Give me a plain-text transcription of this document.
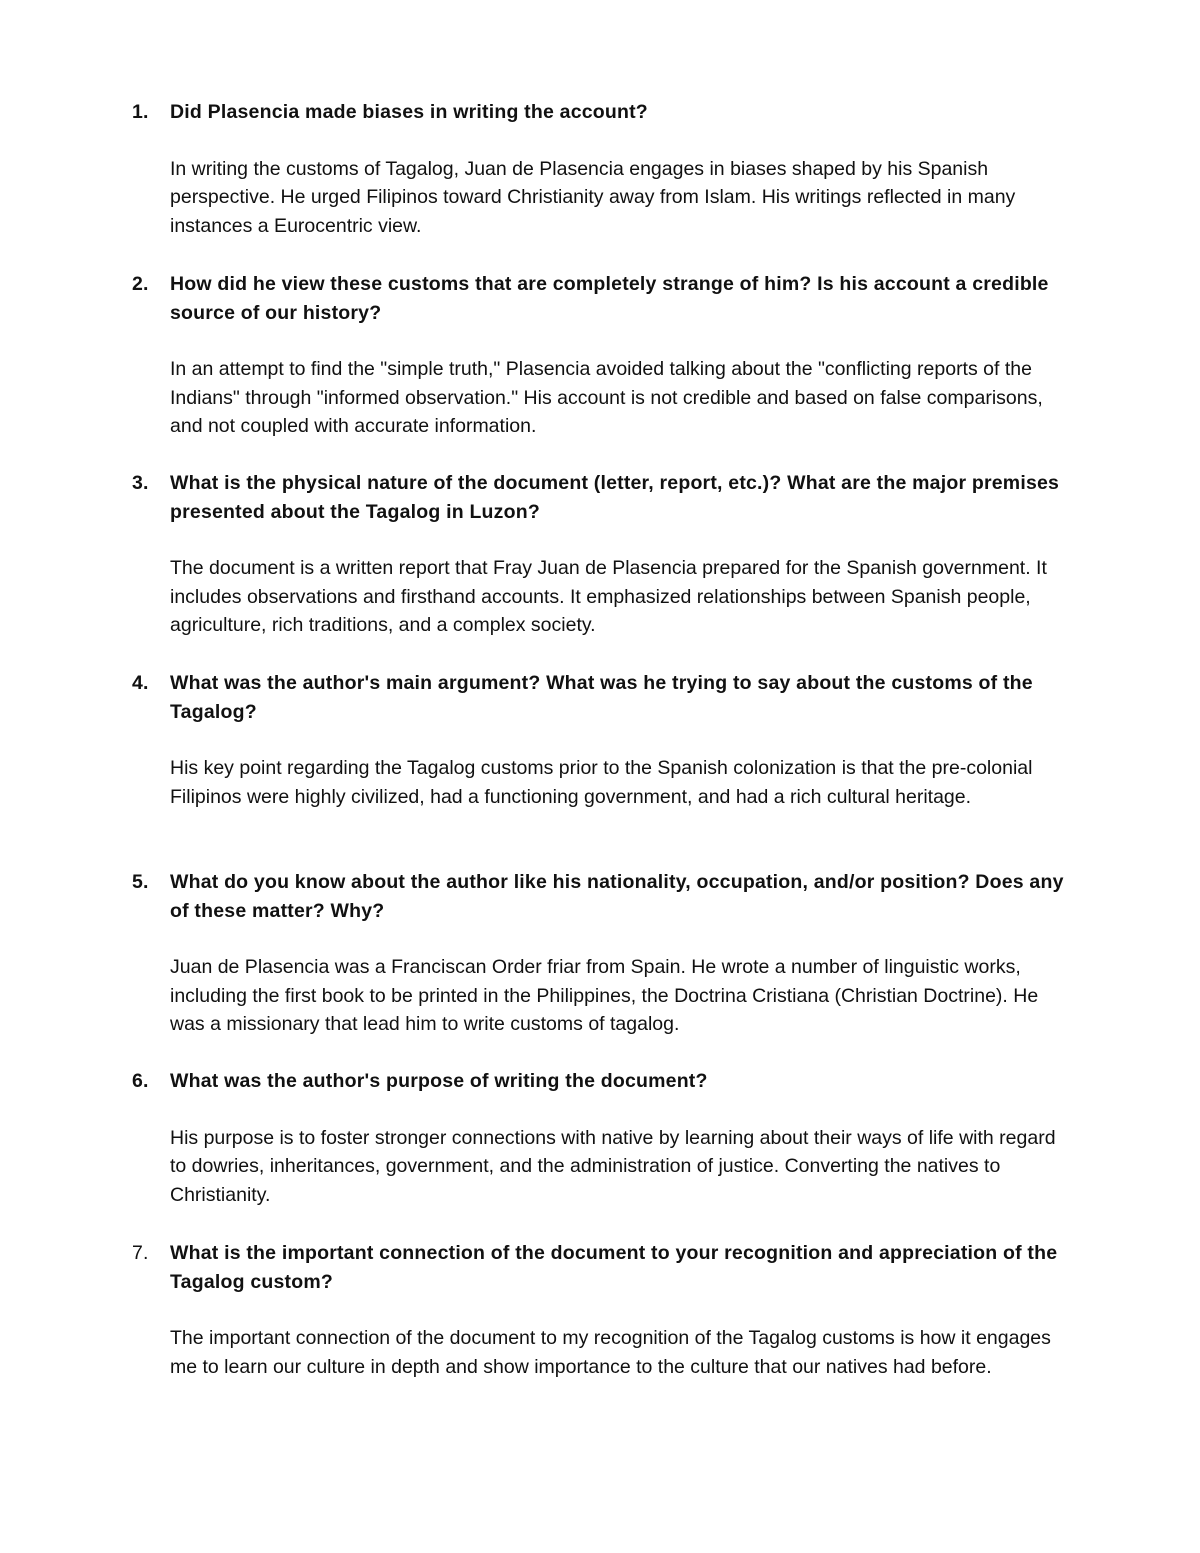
1. Did Plasencia made biases in writing the account?
In writing the customs of Tagalog, Juan de Plasencia engages in biases shaped by his Spanish perspective. He urged Filipinos toward Christianity away from Islam. His writings reflected in many instances a Eurocentric view.
2. How did he view these customs that are completely strange of him? Is his account a credible source of our history?
In an attempt to find the "simple truth," Plasencia avoided talking about the "conflicting reports of the Indians" through "informed observation." His account is not credible and based on false comparisons, and not coupled with accurate information.
3. What is the physical nature of the document (letter, report, etc.)? What are the major premises presented about the Tagalog in Luzon?
The document is a written report that Fray Juan de Plasencia prepared for the Spanish government. It includes observations and firsthand accounts. It emphasized relationships between Spanish people, agriculture, rich traditions, and a complex society.
4. What was the author's main argument? What was he trying to say about the customs of the Tagalog?
His key point regarding the Tagalog customs prior to the Spanish colonization is that the pre-colonial Filipinos were highly civilized, had a functioning government, and had a rich cultural heritage.
5. What do you know about the author like his nationality, occupation, and/or position? Does any of these matter? Why?
Juan de Plasencia was a Franciscan Order friar from Spain. He wrote a number of linguistic works, including the first book to be printed in the Philippines, the Doctrina Cristiana (Christian Doctrine). He was a missionary that lead him to write customs of tagalog.
6. What was the author's purpose of writing the document?
His purpose is to foster stronger connections with native by learning about their ways of life with regard to dowries, inheritances, government, and the administration of justice. Converting the natives to Christianity.
7. What is the important connection of the document to your recognition and appreciation of the Tagalog custom?
The important connection of the document to my recognition of the Tagalog customs is how it engages me to learn our culture in depth and show importance to the culture that our natives had before.
